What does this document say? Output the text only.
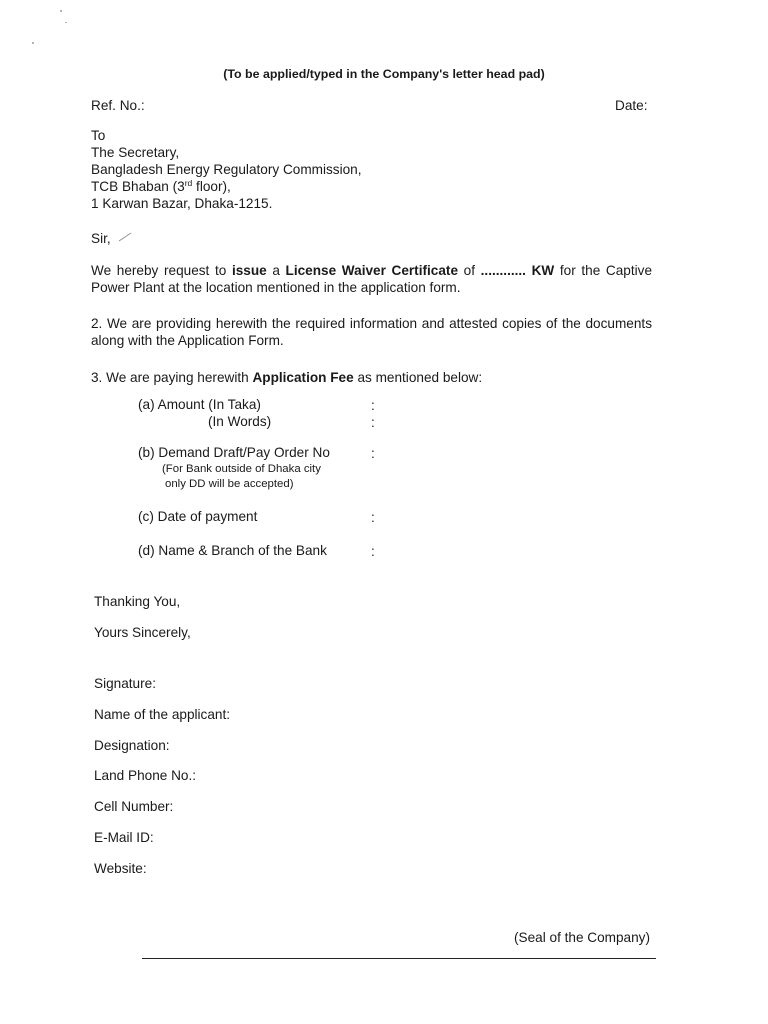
(To be applied/typed in the Company's letter head pad)
Ref. No.:	Date:
To
The Secretary,
Bangladesh Energy Regulatory Commission,
TCB Bhaban (3rd floor),
1 Karwan Bazar, Dhaka-1215.
Sir,
We hereby request to issue a License Waiver Certificate of ............ KW for the Captive Power Plant at the location mentioned in the application form.
2. We are providing herewith the required information and attested copies of the documents along with the Application Form.
3. We are paying herewith Application Fee as mentioned below:
(a) Amount (In Taka)	:
(In Words)	:
(b) Demand Draft/Pay Order No	:
(For Bank outside of Dhaka city
only DD will be accepted)
(c) Date of payment	:
(d) Name & Branch of the Bank	:
Thanking You,
Yours Sincerely,
Signature:
Name of the applicant:
Designation:
Land Phone No.:
Cell Number:
E-Mail ID:
Website:
(Seal of the Company)
